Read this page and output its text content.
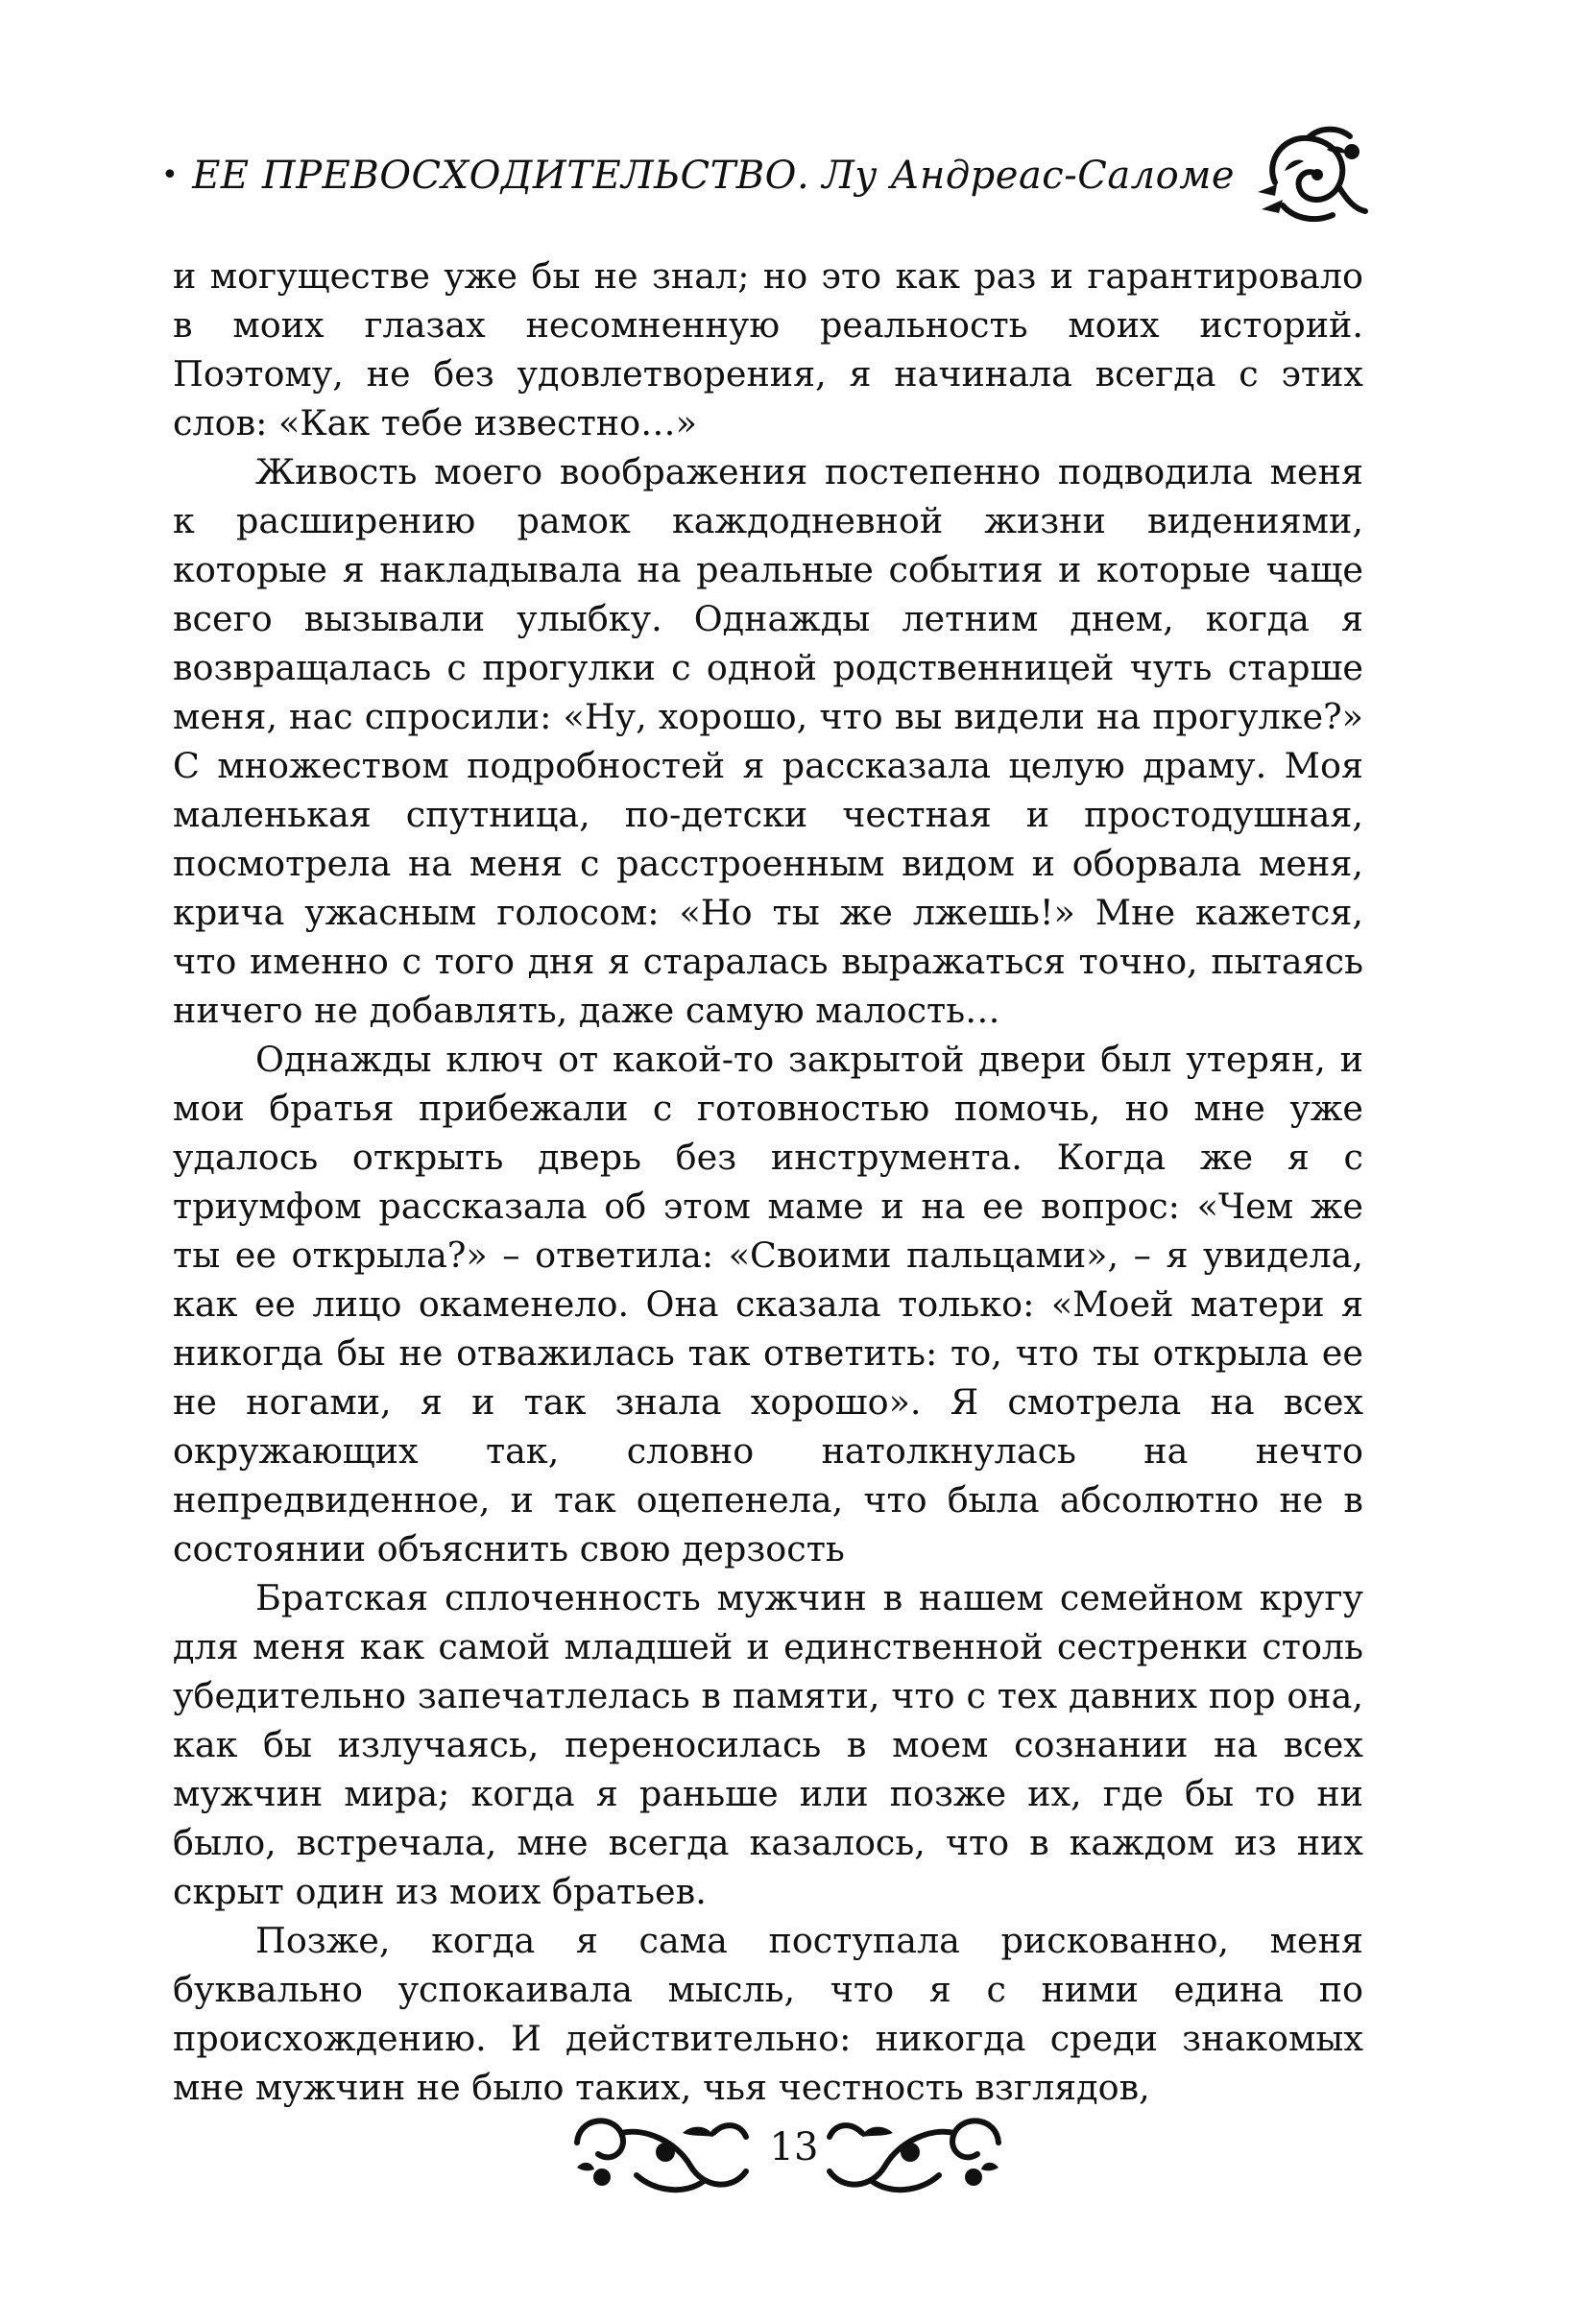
• ЕЕ ПРЕВОСХОДИТЕЛЬСТВО. Лу Андреас-Саломе

и могуществе уже бы не знал; но это как раз и гарантировало в моих глазах несомненную реальность моих историй. Поэтому, не без удовлетворения, я начинала всегда с этих слов: «Как тебе известно…»

Живость моего воображения постепенно подводила меня к расширению рамок каждодневной жизни видениями, которые я накладывала на реальные события и которые чаще всего вызывали улыбку. Однажды летним днем, когда я возвращалась с прогулки с одной родственницей чуть старше меня, нас спросили: «Ну, хорошо, что вы видели на прогулке?» С множеством подробностей я рассказала целую драму. Моя маленькая спутница, по-детски честная и простодушная, посмотрела на меня с расстроенным видом и оборвала меня, крича ужасным голосом: «Но ты же лжешь!» Мне кажется, что именно с того дня я старалась выражаться точно, пытаясь ничего не добавлять, даже самую малость…

Однажды ключ от какой-то закрытой двери был утерян, и мои братья прибежали с готовностью помочь, но мне уже удалось открыть дверь без инструмента. Когда же я с триумфом рассказала об этом маме и на ее вопрос: «Чем же ты ее открыла?» – ответила: «Своими пальцами», – я увидела, как ее лицо окаменело. Она сказала только: «Моей матери я никогда бы не отважилась так ответить: то, что ты открыла ее не ногами, я и так знала хорошо». Я смотрела на всех окружающих так, словно натолкнулась на нечто непредвиденное, и так оцепенела, что была абсолютно не в состоянии объяснить свою дерзость

Братская сплоченность мужчин в нашем семейном кругу для меня как самой младшей и единственной сестренки столь убедительно запечатлелась в памяти, что с тех давних пор она, как бы излучаясь, переносилась в моем сознании на всех мужчин мира; когда я раньше или позже их, где бы то ни было, встречала, мне всегда казалось, что в каждом из них скрыт один из моих братьев.

Позже, когда я сама поступала рискованно, меня буквально успокаивала мысль, что я с ними едина по происхождению. И действительно: никогда среди знакомых мне мужчин не было таких, чья честность взглядов,

13
